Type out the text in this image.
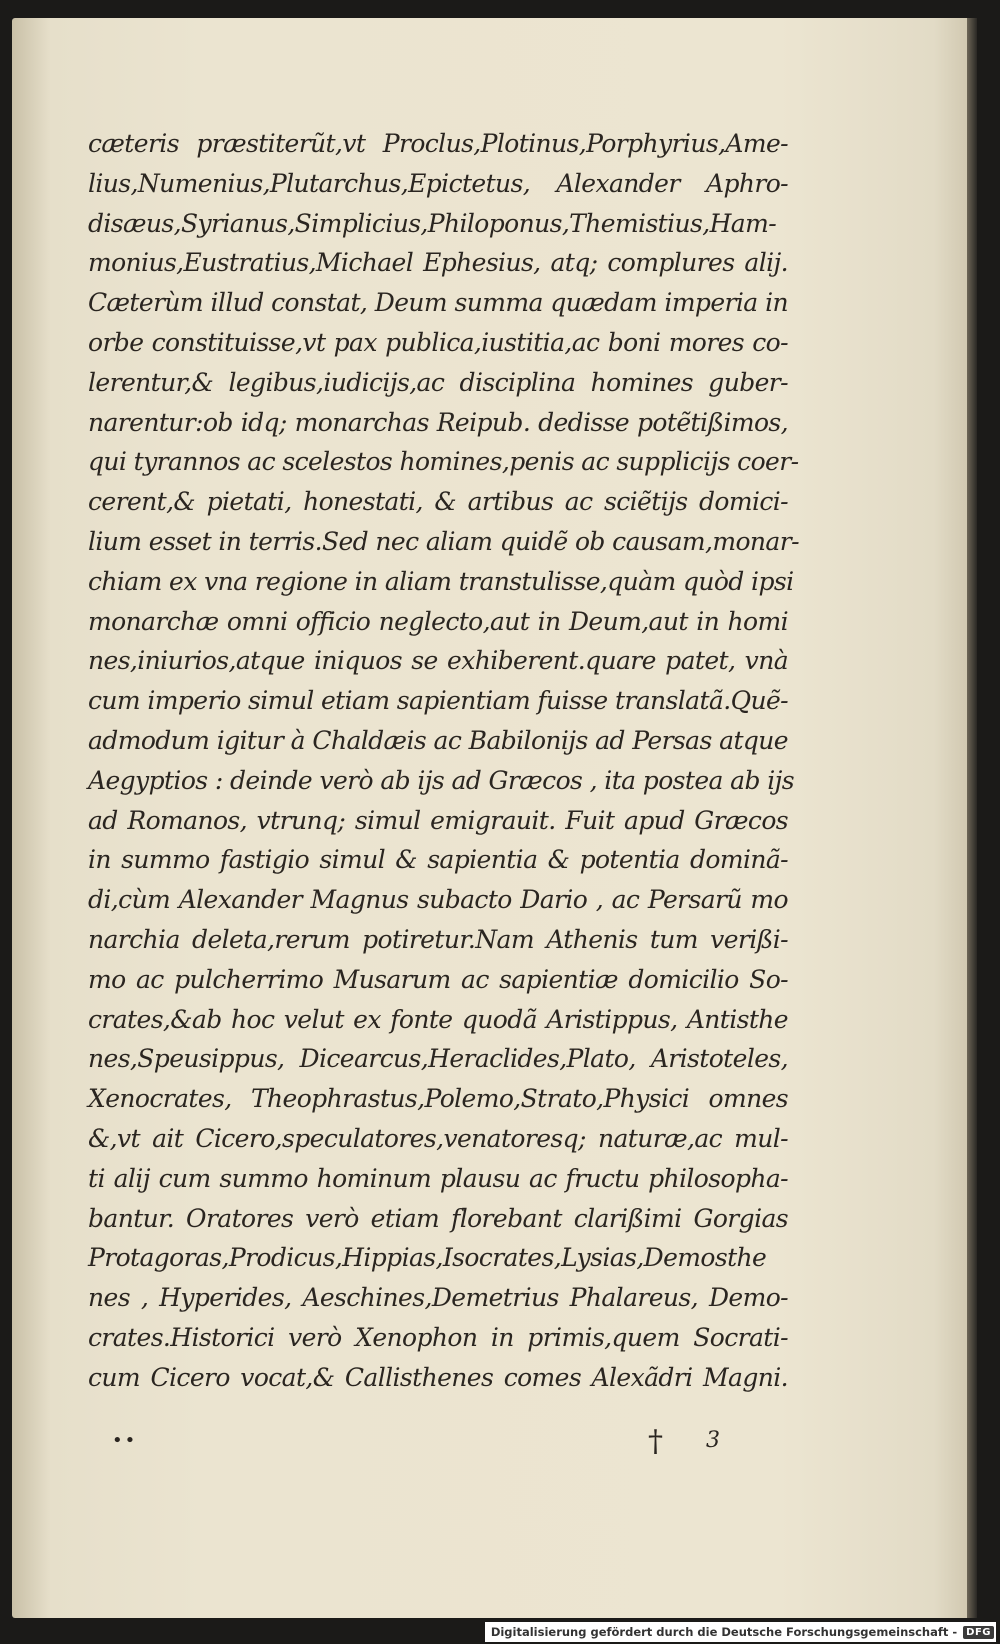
cæteris præstiterũt,vt Proclus,Plotinus,Porphyrius,Ame-
lius,Numenius,Plutarchus,Epictetus, Alexander Aphro-
disæus,Syrianus,Simplicius,Philoponus,Themistius,Ham-
monius,Eustratius,Michael Ephesius, atq; complures alij.
Cæterùm illud constat, Deum summa quædam imperia in
orbe constituisse,vt pax publica,iustitia,ac boni mores co-
lerentur,& legibus,iudicijs,ac disciplina homines guber-
narentur:ob idq; monarchas Reipub. dedisse potẽtißimos,
qui tyrannos ac scelestos homines,penis ac supplicijs coer-
cerent,& pietati, honestati, & artibus ac sciẽtijs domici-
lium esset in terris.Sed nec aliam quidẽ ob causam,monar-
chiam ex vna regione in aliam transtulisse,quàm quòd ipsi
monarchæ omni officio neglecto,aut in Deum,aut in homi
nes,iniurios,atque iniquos se exhiberent.quare patet, vnà
cum imperio simul etiam sapientiam fuisse translatã.Quẽ-
admodum igitur à Chaldæis ac Babilonijs ad Persas atque
Aegyptios : deinde verò ab ijs ad Græcos , ita postea ab ijs
ad Romanos, vtrunq; simul emigrauit. Fuit apud Græcos
in summo fastigio simul & sapientia & potentia dominã-
di,cùm Alexander Magnus subacto Dario , ac Persarũ mo
narchia deleta,rerum potiretur.Nam Athenis tum verißi-
mo ac pulcherrimo Musarum ac sapientiæ domicilio So-
crates,&ab hoc velut ex fonte quodã Aristippus, Antisthe
nes,Speusippus, Dicearcus,Heraclides,Plato, Aristoteles,
Xenocrates, Theophrastus,Polemo,Strato,Physici omnes
&,vt ait Cicero,speculatores,venatoresq; naturæ,ac mul-
ti alij cum summo hominum plausu ac fructu philosopha-
bantur. Oratores verò etiam florebant clarißimi Gorgias
Protagoras,Prodicus,Hippias,Isocrates,Lysias,Demosthe
nes , Hyperides, Aeschines,Demetrius Phalareus, Demo-
crates.Historici verò Xenophon in primis,quem Socrati-
cum Cicero vocat,& Callisthenes comes Alexãdri Magni.
••	† 3
Digitalisierung gefördert durch die Deutsche Forschungsgemeinschaft - DFG
